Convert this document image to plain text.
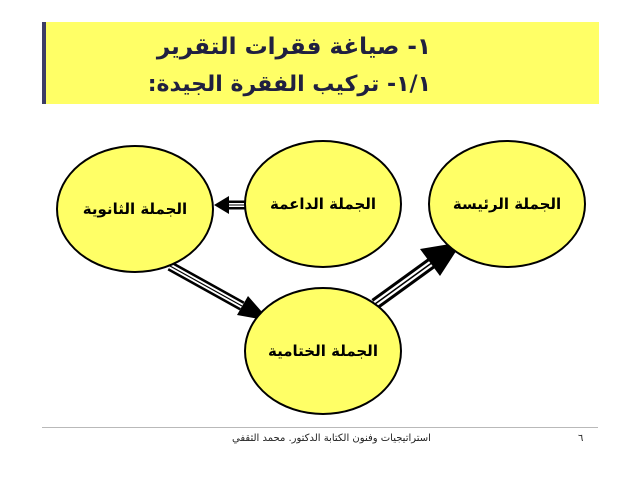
١- صياغة فقرات التقرير
١/١- تركيب الفقرة الجيدة:
الجملة الرئيسة
الجملة الداعمة
الجملة الثانوية
الجملة الختامية
استراتيجيات وفنون الكتابة الدكتور. محمد الثقفي	٦
